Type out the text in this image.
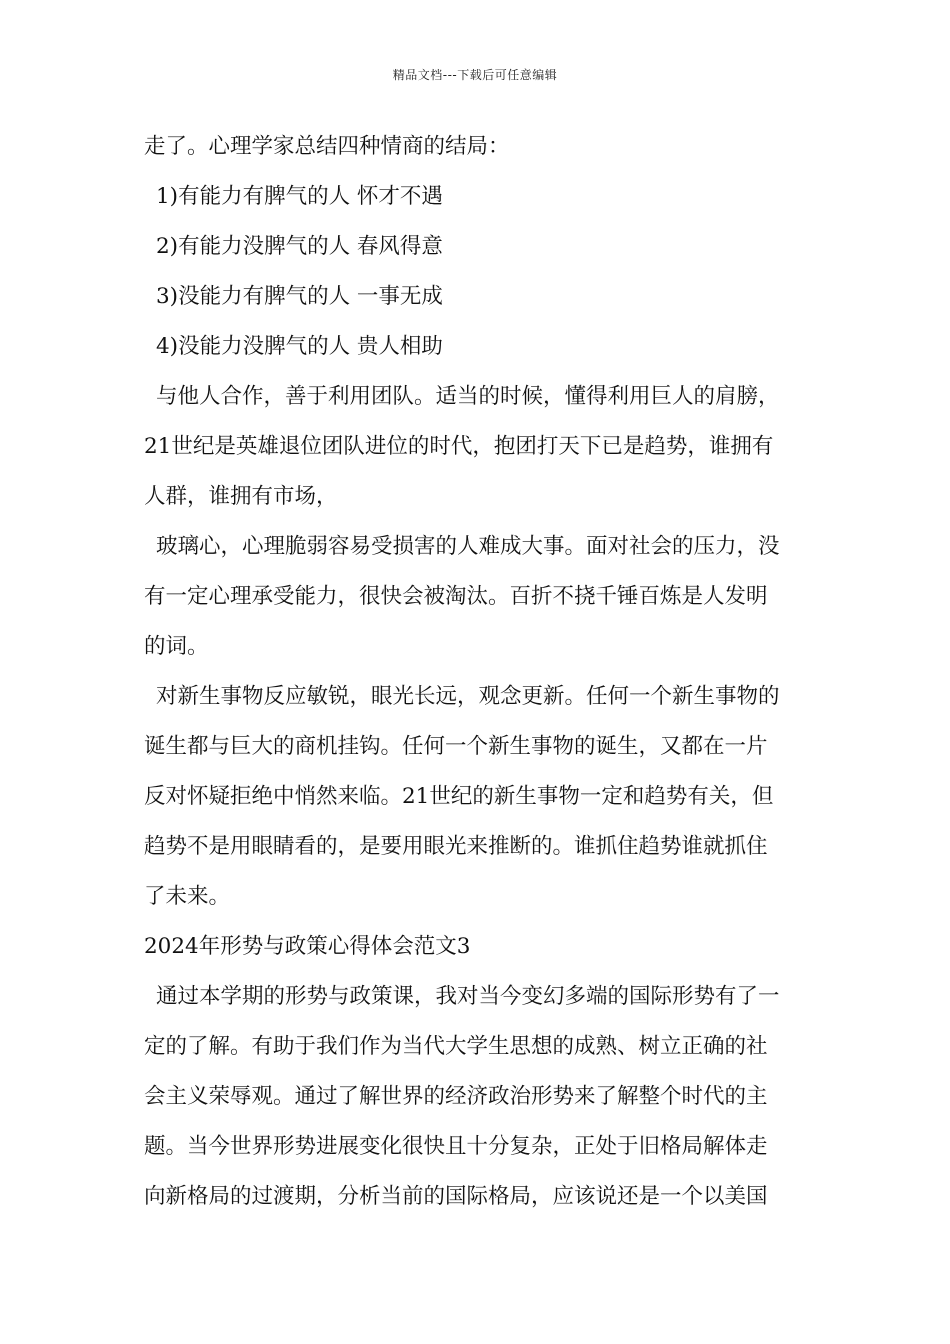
精品文档---下载后可任意编辑
走了。心理学家总结四种情商的结局：
1)有能力有脾气的人 怀才不遇
2)有能力没脾气的人 春风得意
3)没能力有脾气的人 一事无成
4)没能力没脾气的人 贵人相助
与他人合作，善于利用团队。适当的时候，懂得利用巨人的肩膀，
21世纪是英雄退位团队进位的时代，抱团打天下已是趋势，谁拥有
人群，谁拥有市场，
玻璃心，心理脆弱容易受损害的人难成大事。面对社会的压力，没
有一定心理承受能力，很快会被淘汰。百折不挠千锤百炼是人发明
的词。
对新生事物反应敏锐，眼光长远，观念更新。任何一个新生事物的
诞生都与巨大的商机挂钩。任何一个新生事物的诞生，又都在一片
反对怀疑拒绝中悄然来临。21世纪的新生事物一定和趋势有关，但
趋势不是用眼睛看的，是要用眼光来推断的。谁抓住趋势谁就抓住
了未来。
2024年形势与政策心得体会范文3
通过本学期的形势与政策课，我对当今变幻多端的国际形势有了一
定的了解。有助于我们作为当代大学生思想的成熟、树立正确的社
会主义荣辱观。通过了解世界的经济政治形势来了解整个时代的主
题。当今世界形势进展变化很快且十分复杂，正处于旧格局解体走
向新格局的过渡期，分析当前的国际格局，应该说还是一个以美国
